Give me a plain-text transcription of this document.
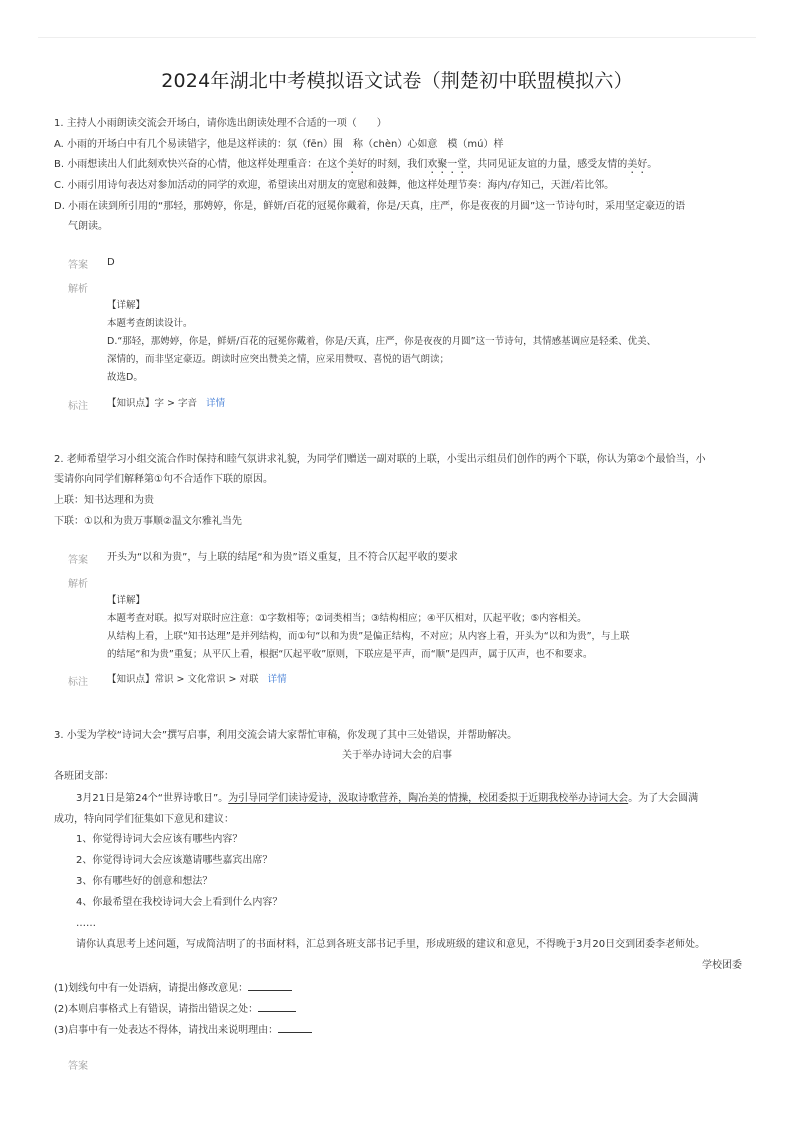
2024年湖北中考模拟语文试卷（荆楚初中联盟模拟六）
1. 主持人小雨朗读交流会开场白，请你选出朗读处理不合适的一项（　　）
A. 小雨的开场白中有几个易读错字，他是这样读的：氛（fēn）围　称（chèn）心如意　模（mú）样
B. 小雨想读出人们此刻欢快兴奋的心情，他这样处理重音：在这个美好的时刻，我们欢聚一堂，共同见证友谊的力量，感受友情的美好。
C. 小雨引用诗句表达对参加活动的同学的欢迎，希望读出对朋友的宽慰和鼓舞，他这样处理节奏：海内/存知己，天涯/若比邻。
D. 小雨在读到所引用的“那轻，那娉婷，你是，鲜妍/百花的冠冕你戴着，你是/天真，庄严，你是夜夜的月圆”这一节诗句时，采用坚定豪迈的语
气朗读。
答案 D
解析
【详解】
本题考查朗读设计。
D.“那轻，那娉婷，你是，鲜妍/百花的冠冕你戴着，你是/天真，庄严，你是夜夜的月圆”这一节诗句，其情感基调应是轻柔、优美、
深情的，而非坚定豪迈。朗读时应突出赞美之情，应采用赞叹、喜悦的语气朗读；
故选D。
标注 【知识点】字 > 字音 详情
2. 老师希望学习小组交流合作时保持和睦气氛讲求礼貌，为同学们赠送一副对联的上联，小雯出示组员们创作的两个下联，你认为第②个最恰当，小
雯请你向同学们解释第①句不合适作下联的原因。
上联：知书达理和为贵
下联：①以和为贵万事顺②温文尔雅礼当先
答案 开头为“以和为贵”，与上联的结尾“和为贵”语义重复，且不符合仄起平收的要求
解析
【详解】
本题考查对联。拟写对联时应注意：①字数相等；②词类相当；③结构相应；④平仄相对，仄起平收；⑤内容相关。
从结构上看，上联“知书达理”是并列结构，而①句“以和为贵”是偏正结构，不对应；从内容上看，开头为“以和为贵”，与上联
的结尾“和为贵”重复；从平仄上看，根据“仄起平收”原则，下联应是平声，而“顺”是四声，属于仄声，也不和要求。
标注 【知识点】常识 > 文化常识 > 对联 详情
3. 小雯为学校“诗词大会”撰写启事，利用交流会请大家帮忙审稿，你发现了其中三处错误，并帮助解决。
关于举办诗词大会的启事
各班团支部：
3月21日是第24个“世界诗歌日”。为引导同学们读诗爱诗，汲取诗歌营养，陶冶美的情操，校团委拟于近期我校举办诗词大会。为了大会圆满
成功，特向同学们征集如下意见和建议：
1、你觉得诗词大会应该有哪些内容？
2、你觉得诗词大会应该邀请哪些嘉宾出席？
3、你有哪些好的创意和想法？
4、你最希望在我校诗词大会上看到什么内容？
……
请你认真思考上述问题，写成简洁明了的书面材料，汇总到各班支部书记手里，形成班级的建议和意见，不得晚于3月20日交到团委李老师处。
学校团委
(1)划线句中有一处语病，请提出修改意见：
(2)本则启事格式上有错误，请指出错误之处：
(3)启事中有一处表达不得体，请找出来说明理由：
答案
